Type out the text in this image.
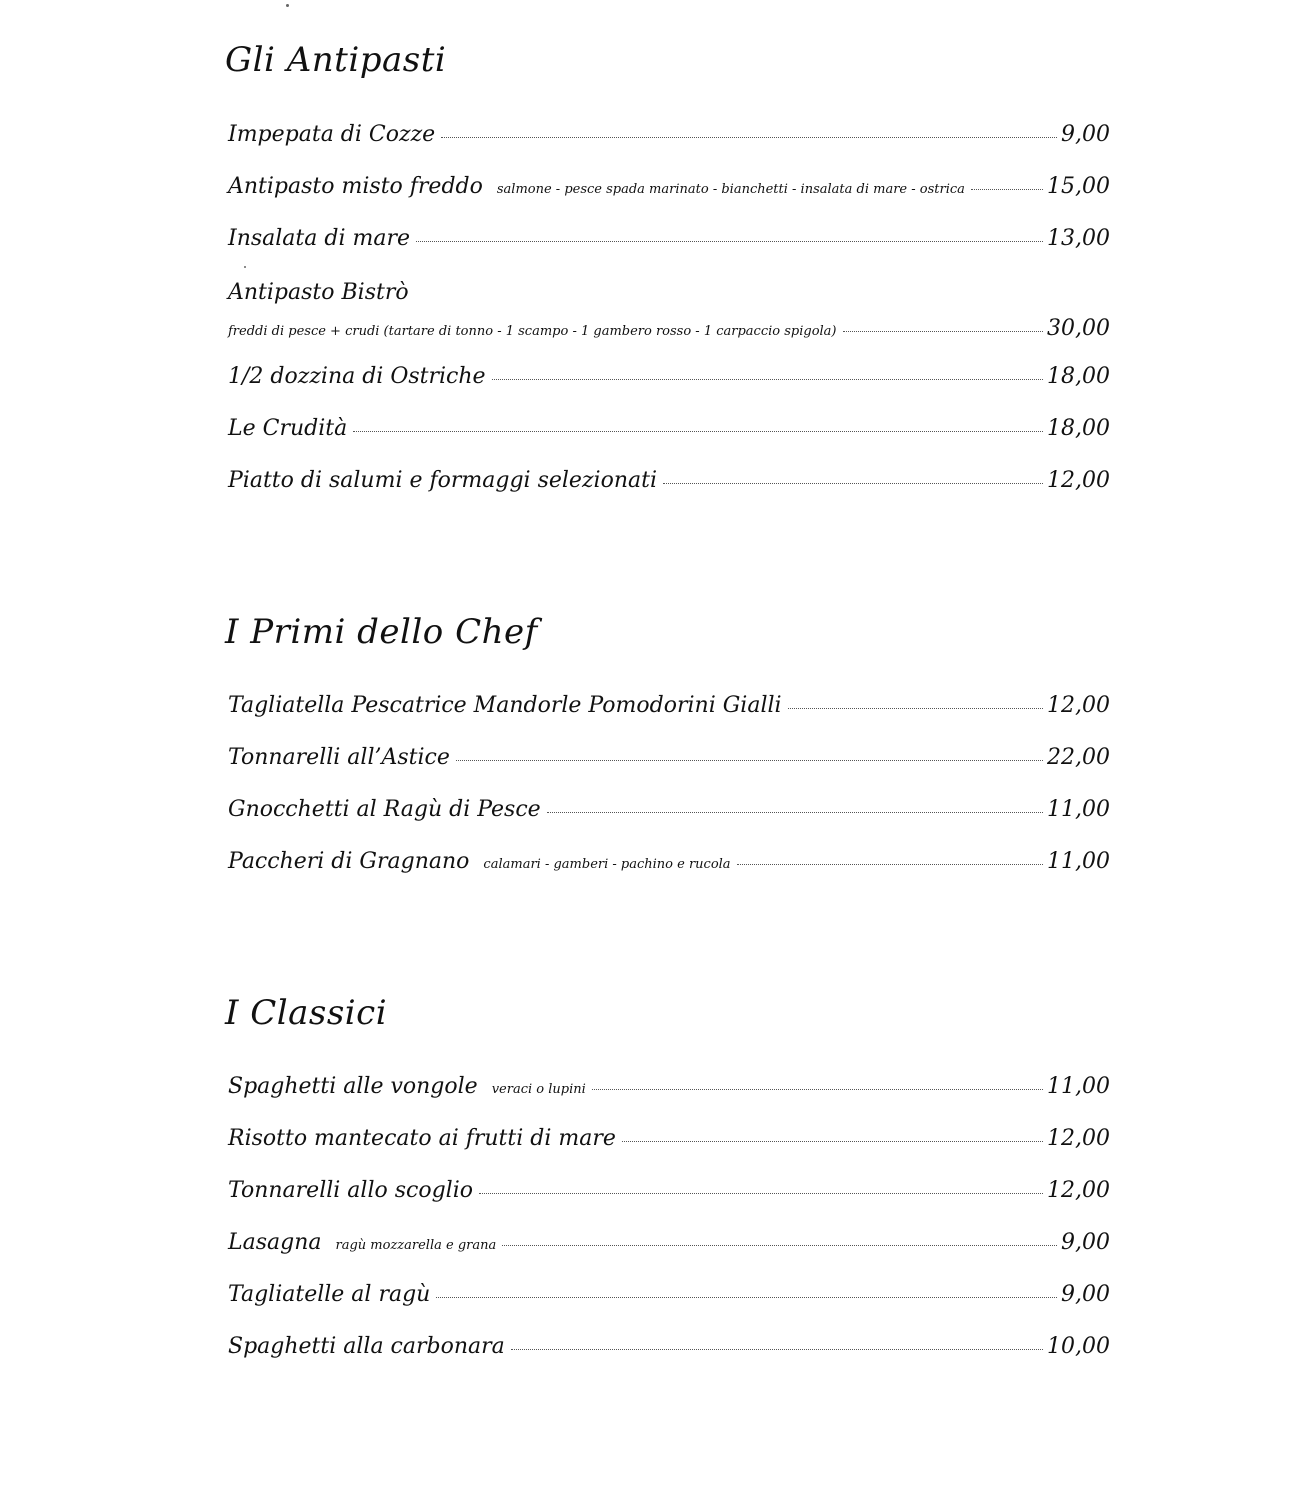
Gli Antipasti
Impepata di Cozze	9,00
Antipasto misto freddo salmone - pesce spada marinato - bianchetti - insalata di mare - ostrica	15,00
Insalata di mare	13,00
Antipasto Bistrò
freddi di pesce + crudi (tartare di tonno - 1 scampo - 1 gambero rosso - 1 carpaccio spigola)	30,00
1/2 dozzina di Ostriche	18,00
Le Crudità	18,00
Piatto di salumi e formaggi selezionati	12,00
I Primi dello Chef
Tagliatella Pescatrice Mandorle Pomodorini Gialli	12,00
Tonnarelli all’Astice	22,00
Gnocchetti al Ragù di Pesce	11,00
Paccheri di Gragnano calamari - gamberi - pachino e rucola	11,00
I Classici
Spaghetti alle vongole veraci o lupini	11,00
Risotto mantecato ai frutti di mare	12,00
Tonnarelli allo scoglio	12,00
Lasagna ragù mozzarella e grana	9,00
Tagliatelle al ragù	9,00
Spaghetti alla carbonara	10,00
